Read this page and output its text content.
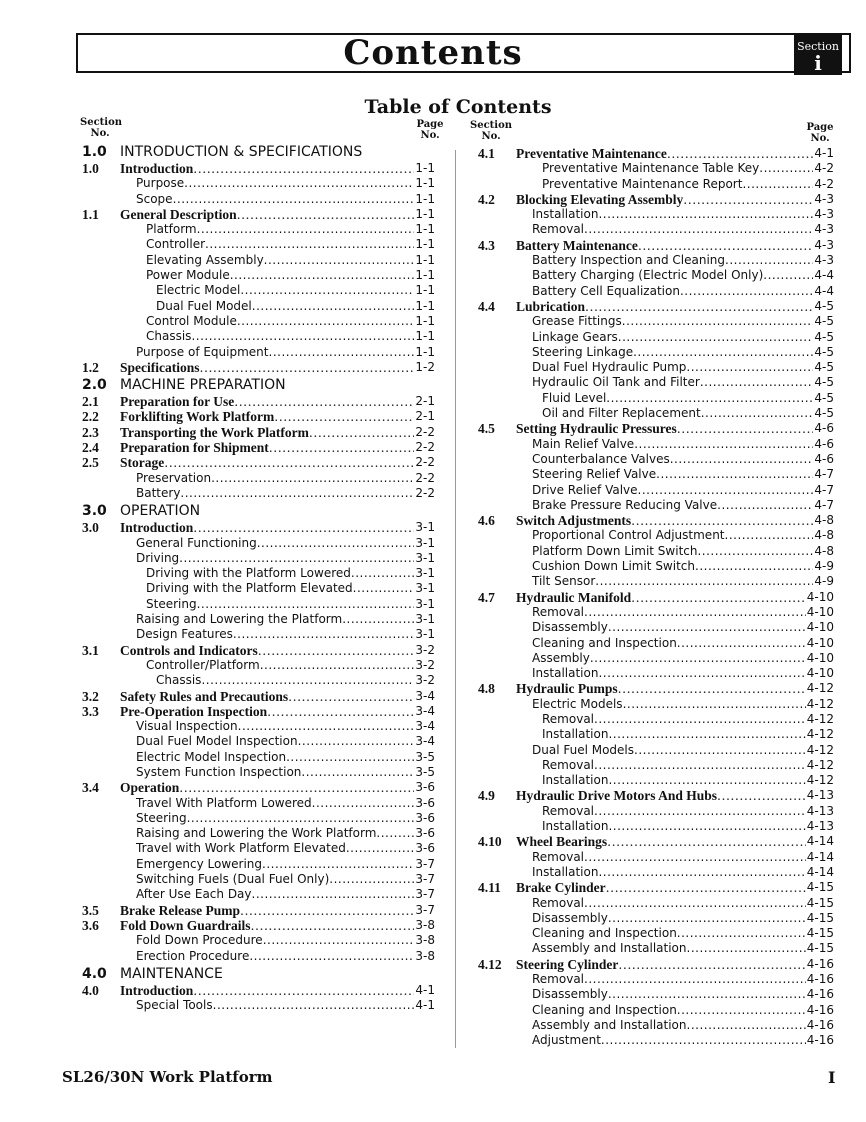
Contents	Section
i
Table of Contents
Section
No.
Page
No.
Section
No.
Page
No.
1.0 INTRODUCTION & SPECIFICATIONS
1.0	Introduction .....	1-1
Purpose .....	1-1
Scope .....	1-1
1.1	General Description .....	1-1
Platform .....	1-1
Controller .....	1-1
Elevating Assembly .....	1-1
Power Module .....	1-1
Electric Model .....	1-1
Dual Fuel Model .....	1-1
Control Module .....	1-1
Chassis .....	1-1
Purpose of Equipment .....	1-1
1.2	Specifications .....	1-2
2.0 MACHINE PREPARATION
2.1	Preparation for Use .....	2-1
2.2	Forklifting Work Platform .....	2-1
2.3	Transporting the Work Platform .....	2-2
2.4	Preparation for Shipment .....	2-2
2.5	Storage .....	2-2
Preservation .....	2-2
Battery .....	2-2
3.0 OPERATION
3.0	Introduction .....	3-1
General Functioning .....	3-1
Driving .....	3-1
Driving with the Platform Lowered .....	3-1
Driving with the Platform Elevated .....	3-1
Steering .....	3-1
Raising and Lowering the Platform .....	3-1
Design Features .....	3-1
3.1	Controls and Indicators .....	3-2
Controller/Platform .....	3-2
Chassis .....	3-2
3.2	Safety Rules and Precautions .....	3-4
3.3	Pre-Operation Inspection .....	3-4
Visual Inspection .....	3-4
Dual Fuel Model Inspection .....	3-4
Electric Model Inspection .....	3-5
System Function Inspection .....	3-5
3.4	Operation .....	3-6
Travel With Platform Lowered .....	3-6
Steering .....	3-6
Raising and Lowering the Work Platform .....	3-6
Travel with Work Platform Elevated .....	3-6
Emergency Lowering .....	3-7
Switching Fuels (Dual Fuel Only) .....	3-7
After Use Each Day .....	3-7
3.5	Brake Release Pump .....	3-7
3.6	Fold Down Guardrails .....	3-8
Fold Down Procedure .....	3-8
Erection Procedure .....	3-8
4.0 MAINTENANCE
4.0	Introduction .....	4-1
Special Tools .....	4-1
4.1	Preventative Maintenance .....	4-1
Preventative Maintenance Table Key .....	4-2
Preventative Maintenance Report .....	4-2
4.2	Blocking Elevating Assembly .....	4-3
Installation .....	4-3
Removal .....	4-3
4.3	Battery Maintenance .....	4-3
Battery Inspection and Cleaning .....	4-3
Battery Charging (Electric Model Only) .....	4-4
Battery Cell Equalization .....	4-4
4.4	Lubrication .....	4-5
Grease Fittings .....	4-5
Linkage Gears .....	4-5
Steering Linkage .....	4-5
Dual Fuel Hydraulic Pump .....	4-5
Hydraulic Oil Tank and Filter .....	4-5
Fluid Level .....	4-5
Oil and Filter Replacement .....	4-5
4.5	Setting Hydraulic Pressures .....	4-6
Main Relief Valve .....	4-6
Counterbalance Valves .....	4-6
Steering Relief Valve .....	4-7
Drive Relief Valve .....	4-7
Brake Pressure Reducing Valve .....	4-7
4.6	Switch Adjustments .....	4-8
Proportional Control Adjustment .....	4-8
Platform Down Limit Switch .....	4-8
Cushion Down Limit Switch .....	4-9
Tilt Sensor .....	4-9
4.7	Hydraulic Manifold .....	4-10
Removal .....	4-10
Disassembly .....	4-10
Cleaning and Inspection .....	4-10
Assembly .....	4-10
Installation .....	4-10
4.8	Hydraulic Pumps .....	4-12
Electric Models .....	4-12
Removal .....	4-12
Installation .....	4-12
Dual Fuel Models .....	4-12
Removal .....	4-12
Installation .....	4-12
4.9	Hydraulic Drive Motors And Hubs .....	4-13
Removal .....	4-13
Installation .....	4-13
4.10	Wheel Bearings .....	4-14
Removal .....	4-14
Installation .....	4-14
4.11	Brake Cylinder .....	4-15
Removal .....	4-15
Disassembly .....	4-15
Cleaning and Inspection .....	4-15
Assembly and Installation .....	4-15
4.12	Steering Cylinder .....	4-16
Removal .....	4-16
Disassembly .....	4-16
Cleaning and Inspection .....	4-16
Assembly and Installation .....	4-16
Adjustment .....	4-16
SL26/30N Work Platform	I
